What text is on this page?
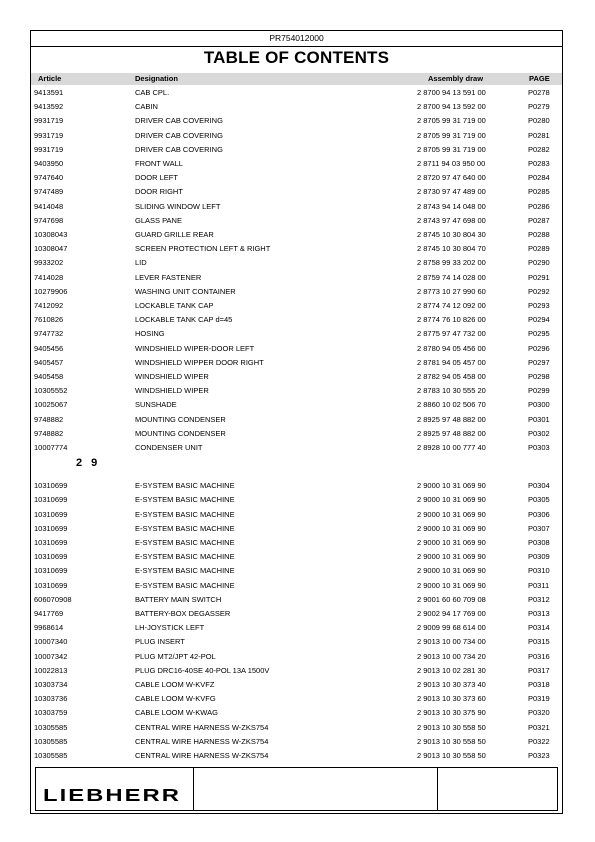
PR754012000
TABLE OF CONTENTS
Article	Designation	Assembly draw	PAGE
9413591	CAB CPL.	2 8700 94 13 591 00	P0278
9413592	CABIN	2 8700 94 13 592 00	P0279
9931719	DRIVER CAB COVERING	2 8705 99 31 719 00	P0280
9931719	DRIVER CAB COVERING	2 8705 99 31 719 00	P0281
9931719	DRIVER CAB COVERING	2 8705 99 31 719 00	P0282
9403950	FRONT WALL	2 8711 94 03 950 00	P0283
9747640	DOOR LEFT	2 8720 97 47 640 00	P0284
9747489	DOOR RIGHT	2 8730 97 47 489 00	P0285
9414048	SLIDING WINDOW LEFT	2 8743 94 14 048 00	P0286
9747698	GLASS PANE	2 8743 97 47 698 00	P0287
10308043	GUARD GRILLE REAR	2 8745 10 30 804 30	P0288
10308047	SCREEN PROTECTION LEFT & RIGHT	2 8745 10 30 804 70	P0289
9933202	LID	2 8758 99 33 202 00	P0290
7414028	LEVER FASTENER	2 8759 74 14 028 00	P0291
10279906	WASHING UNIT CONTAINER	2 8773 10 27 990 60	P0292
7412092	LOCKABLE TANK CAP	2 8774 74 12 092 00	P0293
7610826	LOCKABLE TANK CAP d=45	2 8774 76 10 826 00	P0294
9747732	HOSING	2 8775 97 47 732 00	P0295
9405456	WINDSHIELD WIPER-DOOR LEFT	2 8780 94 05 456 00	P0296
9405457	WINDSHIELD WIPPER DOOR RIGHT	2 8781 94 05 457 00	P0297
9405458	WINDSHIELD WIPER	2 8782 94 05 458 00	P0298
10305552	WINDSHIELD WIPER	2 8783 10 30 555 20	P0299
10025067	SUNSHADE	2 8860 10 02 506 70	P0300
9748882	MOUNTING CONDENSER	2 8925 97 48 882 00	P0301
9748882	MOUNTING CONDENSER	2 8925 97 48 882 00	P0302
10007774	CONDENSER UNIT	2 8928 10 00 777 40	P0303
2 9
10310699	E-SYSTEM BASIC MACHINE	2 9000 10 31 069 90	P0304
10310699	E-SYSTEM BASIC MACHINE	2 9000 10 31 069 90	P0305
10310699	E-SYSTEM BASIC MACHINE	2 9000 10 31 069 90	P0306
10310699	E-SYSTEM BASIC MACHINE	2 9000 10 31 069 90	P0307
10310699	E-SYSTEM BASIC MACHINE	2 9000 10 31 069 90	P0308
10310699	E-SYSTEM BASIC MACHINE	2 9000 10 31 069 90	P0309
10310699	E-SYSTEM BASIC MACHINE	2 9000 10 31 069 90	P0310
10310699	E-SYSTEM BASIC MACHINE	2 9000 10 31 069 90	P0311
606070908	BATTERY MAIN SWITCH	2 9001 60 60 709 08	P0312
9417769	BATTERY-BOX DEGASSER	2 9002 94 17 769 00	P0313
9968614	LH-JOYSTICK LEFT	2 9009 99 68 614 00	P0314
10007340	PLUG INSERT	2 9013 10 00 734 00	P0315
10007342	PLUG MT2/JPT 42-POL	2 9013 10 00 734 20	P0316
10022813	PLUG DRC16-40SE 40-POL 13A 1500V	2 9013 10 02 281 30	P0317
10303734	CABLE LOOM W-KVFZ	2 9013 10 30 373 40	P0318
10303736	CABLE LOOM W-KVFG	2 9013 10 30 373 60	P0319
10303759	CABLE LOOM W-KWAG	2 9013 10 30 375 90	P0320
10305585	CENTRAL WIRE HARNESS W-ZKS754	2 9013 10 30 558 50	P0321
10305585	CENTRAL WIRE HARNESS W-ZKS754	2 9013 10 30 558 50	P0322
10305585	CENTRAL WIRE HARNESS W-ZKS754	2 9013 10 30 558 50	P0323
LIEBHERR
